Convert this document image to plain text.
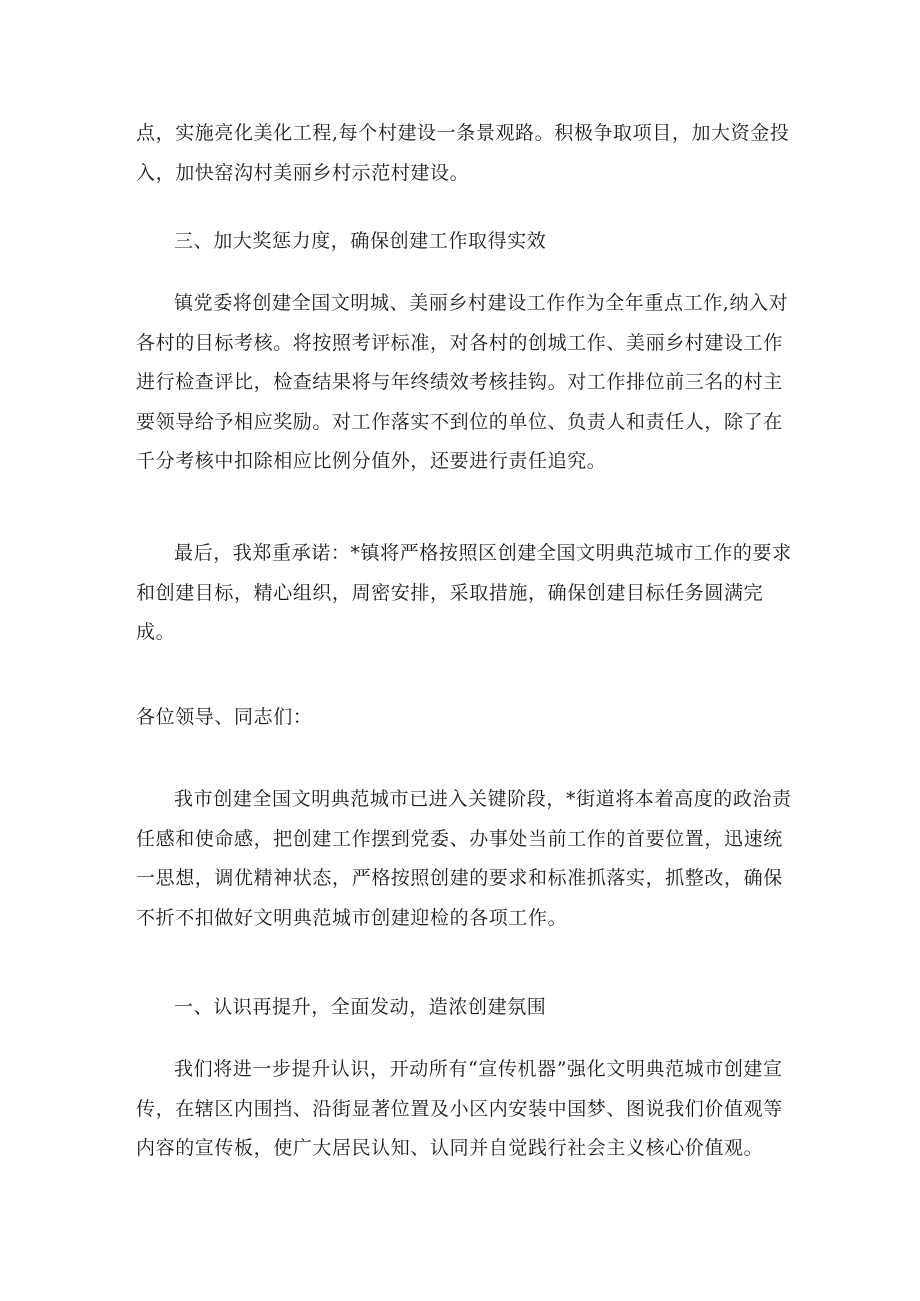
点，实施亮化美化工程,每个村建设一条景观路。积极争取项目，加大资金投入，加快窑沟村美丽乡村示范村建设。

三、加大奖惩力度，确保创建工作取得实效

镇党委将创建全国文明城、美丽乡村建设工作作为全年重点工作,纳入对各村的目标考核。将按照考评标准，对各村的创城工作、美丽乡村建设工作进行检查评比，检查结果将与年终绩效考核挂钩。对工作排位前三名的村主要领导给予相应奖励。对工作落实不到位的单位、负责人和责任人，除了在千分考核中扣除相应比例分值外，还要进行责任追究。

最后，我郑重承诺：*镇将严格按照区创建全国文明典范城市工作的要求和创建目标，精心组织，周密安排，采取措施，确保创建目标任务圆满完成。

各位领导、同志们：

我市创建全国文明典范城市已进入关键阶段，*街道将本着高度的政治责任感和使命感，把创建工作摆到党委、办事处当前工作的首要位置，迅速统一思想，调优精神状态，严格按照创建的要求和标准抓落实，抓整改，确保不折不扣做好文明典范城市创建迎检的各项工作。

一、认识再提升，全面发动，造浓创建氛围

我们将进一步提升认识，开动所有“宣传机器”强化文明典范城市创建宣传，在辖区内围挡、沿街显著位置及小区内安装中国梦、图说我们价值观等内容的宣传板，使广大居民认知、认同并自觉践行社会主义核心价值观。
